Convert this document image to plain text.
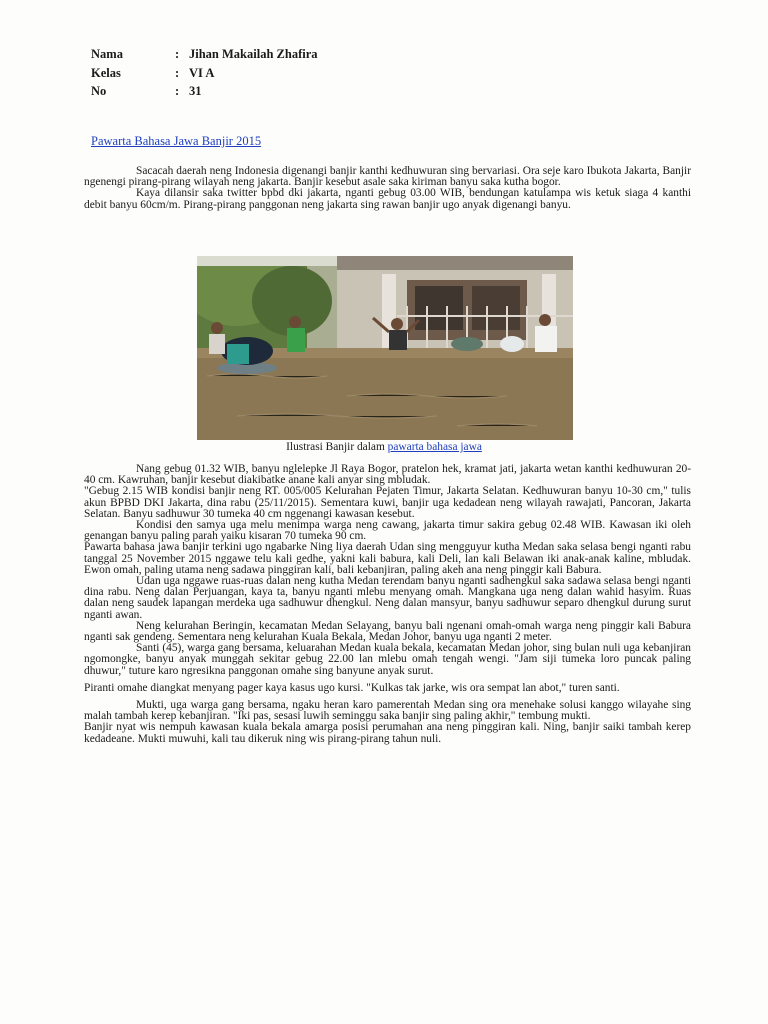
Nama	: Jihan Makailah Zhafira
Kelas	: VI A
No	: 31
Pawarta Bahasa Jawa Banjir 2015

Sacacah daerah neng Indonesia digenangi banjir kanthi kedhuwuran sing bervariasi. Ora seje karo Ibukota Jakarta, Banjir ngenengi pirang-pirang wilayah neng jakarta. Banjir kesebut asale saka kiriman banyu saka kutha bogor.

Kaya dilansir saka twitter bpbd dki jakarta, nganti gebug 03.00 WIB, bendungan katulampa wis ketuk siaga 4 kanthi debit banyu 60cm/m. Pirang-pirang panggonan neng jakarta sing rawan banjir ugo anyak digenangi banyu.

Ilustrasi Banjir dalam pawarta bahasa jawa

Nang gebug 01.32 WIB, banyu nglelepke Jl Raya Bogor, pratelon hek, kramat jati, jakarta wetan kanthi kedhuwuran 20-40 cm. Kawruhan, banjir kesebut diakibatke anane kali anyar sing mbludak.

"Gebug 2.15 WIB kondisi banjir neng RT. 005/005 Kelurahan Pejaten Timur, Jakarta Selatan. Kedhuwuran banyu 10-30 cm," tulis akun BPBD DKI Jakarta, dina rabu (25/11/2015). Sementara kuwi, banjir uga kedadean neng wilayah rawajati, Pancoran, Jakarta Selatan. Banyu sadhuwur 30 tumeka 40 cm nggenangi kawasan kesebut.

Kondisi den samya uga melu menimpa warga neng cawang, jakarta timur sakira gebug 02.48 WIB. Kawasan iki oleh genangan banyu paling parah yaiku kisaran 70 tumeka 90 cm.

Pawarta bahasa jawa banjir terkini ugo ngabarke Ning liya daerah Udan sing mengguyur kutha Medan saka selasa bengi nganti rabu tanggal 25 November 2015 nggawe telu kali gedhe, yakni kali babura, kali Deli, lan kali Belawan iki anak-anak kaline, mbludak. Ewon omah, paling utama neng sadawa pinggiran kali, bali kebanjiran, paling akeh ana neng pinggir kali Babura.

Udan uga nggawe ruas-ruas dalan neng kutha Medan terendam banyu nganti sadhengkul saka sadawa selasa bengi nganti dina rabu. Neng dalan Perjuangan, kaya ta, banyu nganti mlebu menyang omah. Mangkana uga neng dalan wahid hasyim. Ruas dalan neng saudek lapangan merdeka uga sadhuwur dhengkul. Neng dalan mansyur, banyu sadhuwur separo dhengkul durung surut nganti awan.

Neng kelurahan Beringin, kecamatan Medan Selayang, banyu bali ngenani omah-omah warga neng pinggir kali Babura nganti sak gendeng. Sementara neng kelurahan Kuala Bekala, Medan Johor, banyu uga nganti 2 meter.

Santi (45), warga gang bersama, keluarahan Medan kuala bekala, kecamatan Medan johor, sing bulan nuli uga kebanjiran ngomongke, banyu anyak munggah sekitar gebug 22.00 lan mlebu omah tengah wengi. "Jam siji tumeka loro puncak paling dhuwur," tuture karo ngresikna panggonan omahe sing banyune anyak surut.

Piranti omahe diangkat menyang pager kaya kasus ugo kursi. "Kulkas tak jarke, wis ora sempat lan abot," turen santi.

Mukti, uga warga gang bersama, ngaku heran karo pamerentah Medan sing ora menehake solusi kanggo wilayahe sing malah tambah kerep kebanjiran. "Iki pas, sesasi luwih seminggu saka banjir sing paling akhir," tembung mukti.

Banjir nyat wis nempuh kawasan kuala bekala amarga posisi perumahan ana neng pinggiran kali. Ning, banjir saiki tambah kerep kedadeane. Mukti muwuhi, kali tau dikeruk ning wis pirang-pirang tahun nuli.
